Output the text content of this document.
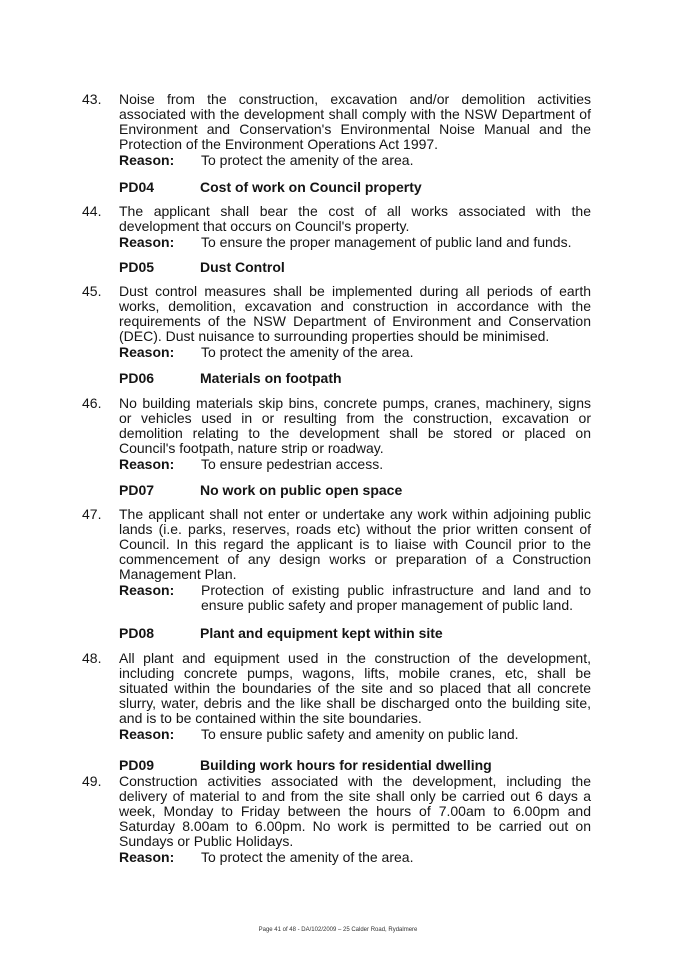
43. Noise from the construction, excavation and/or demolition activities associated with the development shall comply with the NSW Department of Environment and Conservation's Environmental Noise Manual and the Protection of the Environment Operations Act 1997.

Reason:	To protect the amenity of the area.
PD04	Cost of work on Council property
44. The applicant shall bear the cost of all works associated with the development that occurs on Council's property.

Reason:	To ensure the proper management of public land and funds.
PD05	Dust Control
45. Dust control measures shall be implemented during all periods of earth works, demolition, excavation and construction in accordance with the requirements of the NSW Department of Environment and Conservation (DEC). Dust nuisance to surrounding properties should be minimised.

Reason:	To protect the amenity of the area.
PD06	Materials on footpath
46. No building materials skip bins, concrete pumps, cranes, machinery, signs or vehicles used in or resulting from the construction, excavation or demolition relating to the development shall be stored or placed on Council's footpath, nature strip or roadway.

Reason:	To ensure pedestrian access.
PD07	No work on public open space
47. The applicant shall not enter or undertake any work within adjoining public lands (i.e. parks, reserves, roads etc) without the prior written consent of Council. In this regard the applicant is to liaise with Council prior to the commencement of any design works or preparation of a Construction Management Plan.

Reason:	Protection of existing public infrastructure and land and to ensure public safety and proper management of public land.
PD08	Plant and equipment kept within site
48. All plant and equipment used in the construction of the development, including concrete pumps, wagons, lifts, mobile cranes, etc, shall be situated within the boundaries of the site and so placed that all concrete slurry, water, debris and the like shall be discharged onto the building site, and is to be contained within the site boundaries.

Reason:	To ensure public safety and amenity on public land.
PD09	Building work hours for residential dwelling
49. Construction activities associated with the development, including the delivery of material to and from the site shall only be carried out 6 days a week, Monday to Friday between the hours of 7.00am to 6.00pm and Saturday 8.00am to 6.00pm. No work is permitted to be carried out on Sundays or Public Holidays.

Reason:	To protect the amenity of the area.
Page 41 of 48 - DA/102/2009 – 25 Calder Road, Rydalmere
